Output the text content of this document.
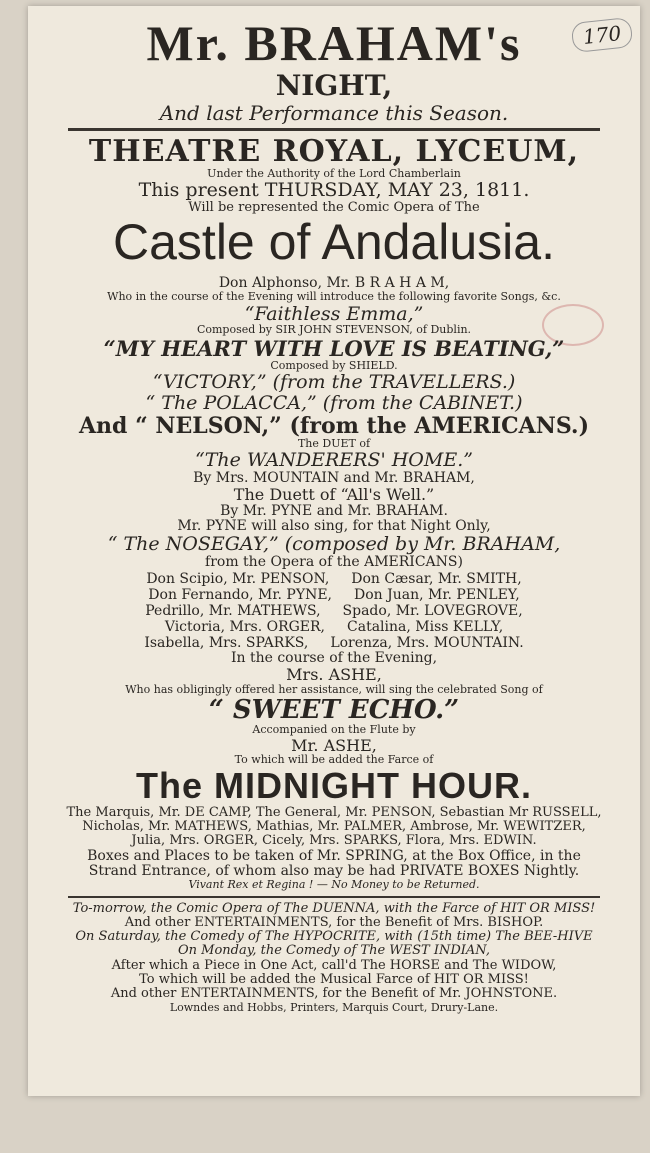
170
Mr. BRAHAM's
NIGHT,
And last Performance this Season.
THEATRE ROYAL, LYCEUM,
Under the Authority of the Lord Chamberlain
This present THURSDAY, MAY 23, 1811.
Will be represented the Comic Opera of The
Castle of Andalusia.
Don Alphonso, Mr. B R A H A M,
Who in the course of the Evening will introduce the following favorite Songs, &c.
“Faithless Emma,”
Composed by SIR JOHN STEVENSON, of Dublin.
“MY HEART WITH LOVE IS BEATING,”
Composed by SHIELD.
“VICTORY,” (from the TRAVELLERS.)
“ The POLACCA,” (from the CABINET.)
And “ NELSON,” (from the AMERICANS.)
The DUET of
“The WANDERERS' HOME.”
By Mrs. MOUNTAIN and Mr. BRAHAM,
The Duett of “All's Well.”
By Mr. PYNE and Mr. BRAHAM.
Mr. PYNE will also sing, for that Night Only,
“ The NOSEGAY,” (composed by Mr. BRAHAM,
from the Opera of the AMERICANS)
Don Scipio, Mr. PENSON, Don Cæsar, Mr. SMITH,
Don Fernando, Mr. PYNE, Don Juan, Mr. PENLEY,
Pedrillo, Mr. MATHEWS, Spado, Mr. LOVEGROVE,
Victoria, Mrs. ORGER, Catalina, Miss KELLY,
Isabella, Mrs. SPARKS, Lorenza, Mrs. MOUNTAIN.
In the course of the Evening,
Mrs. ASHE,
Who has obligingly offered her assistance, will sing the celebrated Song of
“ SWEET ECHO.”
Accompanied on the Flute by
Mr. ASHE,
To which will be added the Farce of
The MIDNIGHT HOUR.
The Marquis, Mr. DE CAMP, The General, Mr. PENSON, Sebastian Mr RUSSELL,
Nicholas, Mr. MATHEWS, Mathias, Mr. PALMER, Ambrose, Mr. WEWITZER,
Julia, Mrs. ORGER, Cicely, Mrs. SPARKS, Flora, Mrs. EDWIN.
Boxes and Places to be taken of Mr. SPRING, at the Box Office, in the
Strand Entrance, of whom also may be had PRIVATE BOXES Nightly.
Vivant Rex et Regina ! — No Money to be Returned.
To-morrow, the Comic Opera of The DUENNA, with the Farce of HIT OR MISS!
And other ENTERTAINMENTS, for the Benefit of Mrs. BISHOP.
On Saturday, the Comedy of The HYPOCRITE, with (15th time) The BEE-HIVE
On Monday, the Comedy of The WEST INDIAN,
After which a Piece in One Act, call'd The HORSE and The WIDOW,
To which will be added the Musical Farce of HIT OR MISS!
And other ENTERTAINMENTS, for the Benefit of Mr. JOHNSTONE.
Lowndes and Hobbs, Printers, Marquis Court, Drury-Lane.
